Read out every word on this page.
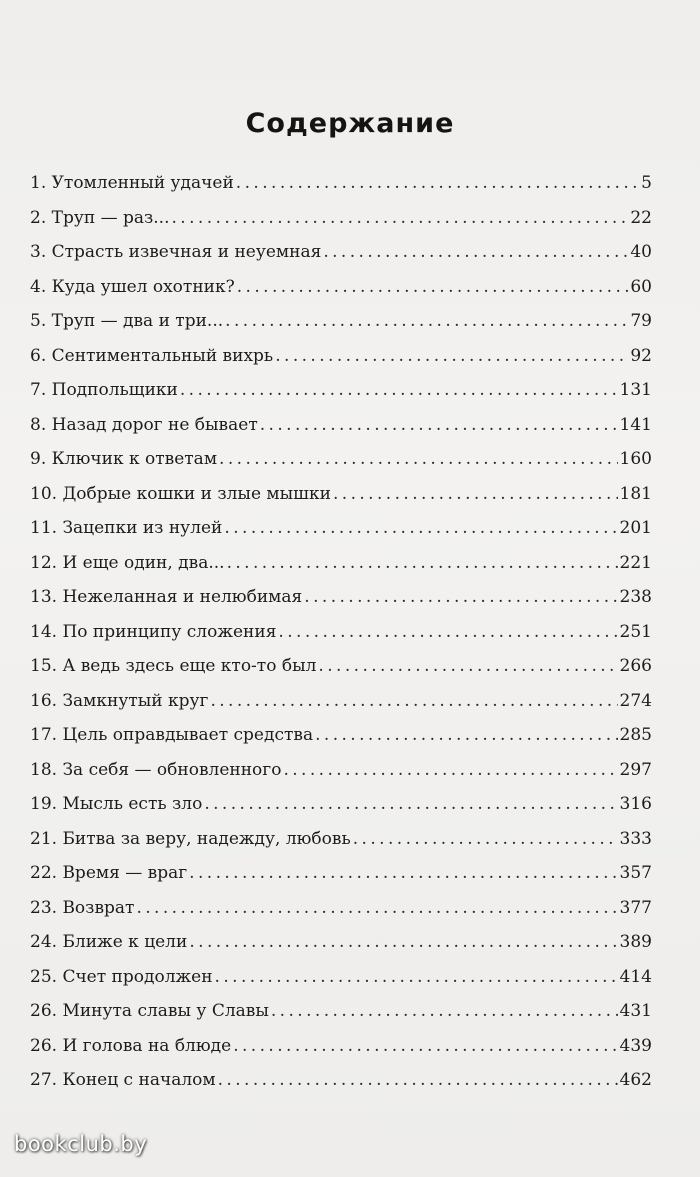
Содержание
1. Утомленный удачей . . .	5
2. Труп — раз... . . .	22
3. Страсть извечная и неуемная . . .	40
4. Куда ушел охотник? . . .	60
5. Труп — два и три... . . .	79
6. Сентиментальный вихрь . . .	92
7. Подпольщики . . .	131
8. Назад дорог не бывает . . .	141
9. Ключик к ответам . . .	160
10. Добрые кошки и злые мышки . . .	181
11. Зацепки из нулей . . .	201
12. И еще один, два... . . .	221
13. Нежеланная и нелюбимая . . .	238
14. По принципу сложения . . .	251
15. А ведь здесь еще кто-то был . . .	266
16. Замкнутый круг . . .	274
17. Цель оправдывает средства . . .	285
18. За себя — обновленного . . .	297
19. Мысль есть зло . . .	316
21. Битва за веру, надежду, любовь . . .	333
22. Время — враг . . .	357
23. Возврат . . .	377
24. Ближе к цели . . .	389
25. Счет продолжен . . .	414
26. Минута славы у Славы . . .	431
26. И голова на блюде . . .	439
27. Конец с началом . . .	462
bookclub.by
